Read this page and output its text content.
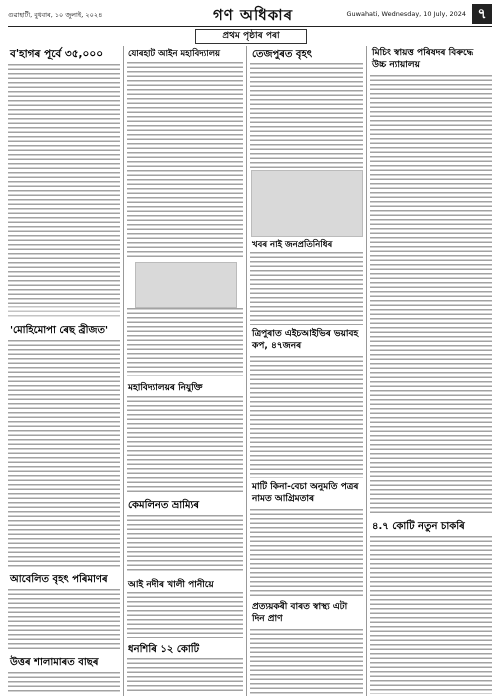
গুৱাহাটী, বুধবাৰ, ১০ জুলাই, ২০২৪	গণ অধিকাৰ	Guwahati, Wednesday, 10 July, 2024 ৭
প্ৰথম পৃষ্ঠাৰ পৰা
ব'হাগৰ পূৰ্বে ৩৫,০০০
'মোহিমোপা ৰেছ ব্ৰীজত'
আবেলিত বৃহৎ পৰিমাণৰ
উত্তৰ শালামাৰত বাছৰ
যোৰহাট আইন মহাবিদ্যালয়
মহাবিদ্যালয়ৰ নিযুক্তি
কেমলিনত ভ্ৰাম্যিৰ
আই নদীৰ খালী পানীয়ে
ধনশিৰি ১২ কোটি
তেজপুৰত বৃহৎ
খবৰ নাই জনপ্ৰতিনিধিৰ
ত্ৰিপুৰাত এইচআইভিৰ ভয়াবহ কপ, ৪৭জনৰ
মাটি কিনা-বেচা অনুমতি পত্ৰৰ নামত আগ্ৰিমতাৰ
প্ৰত্যয়কৰী বাৰত স্বাস্থ্য এটা দিন প্ৰাণ
মিচিং স্বায়ত্ত পৰিষদৰ বিৰুদ্ধে উচ্চ ন্যায়ালয়
৪.৭ কোটি নতুন চাকৰি
